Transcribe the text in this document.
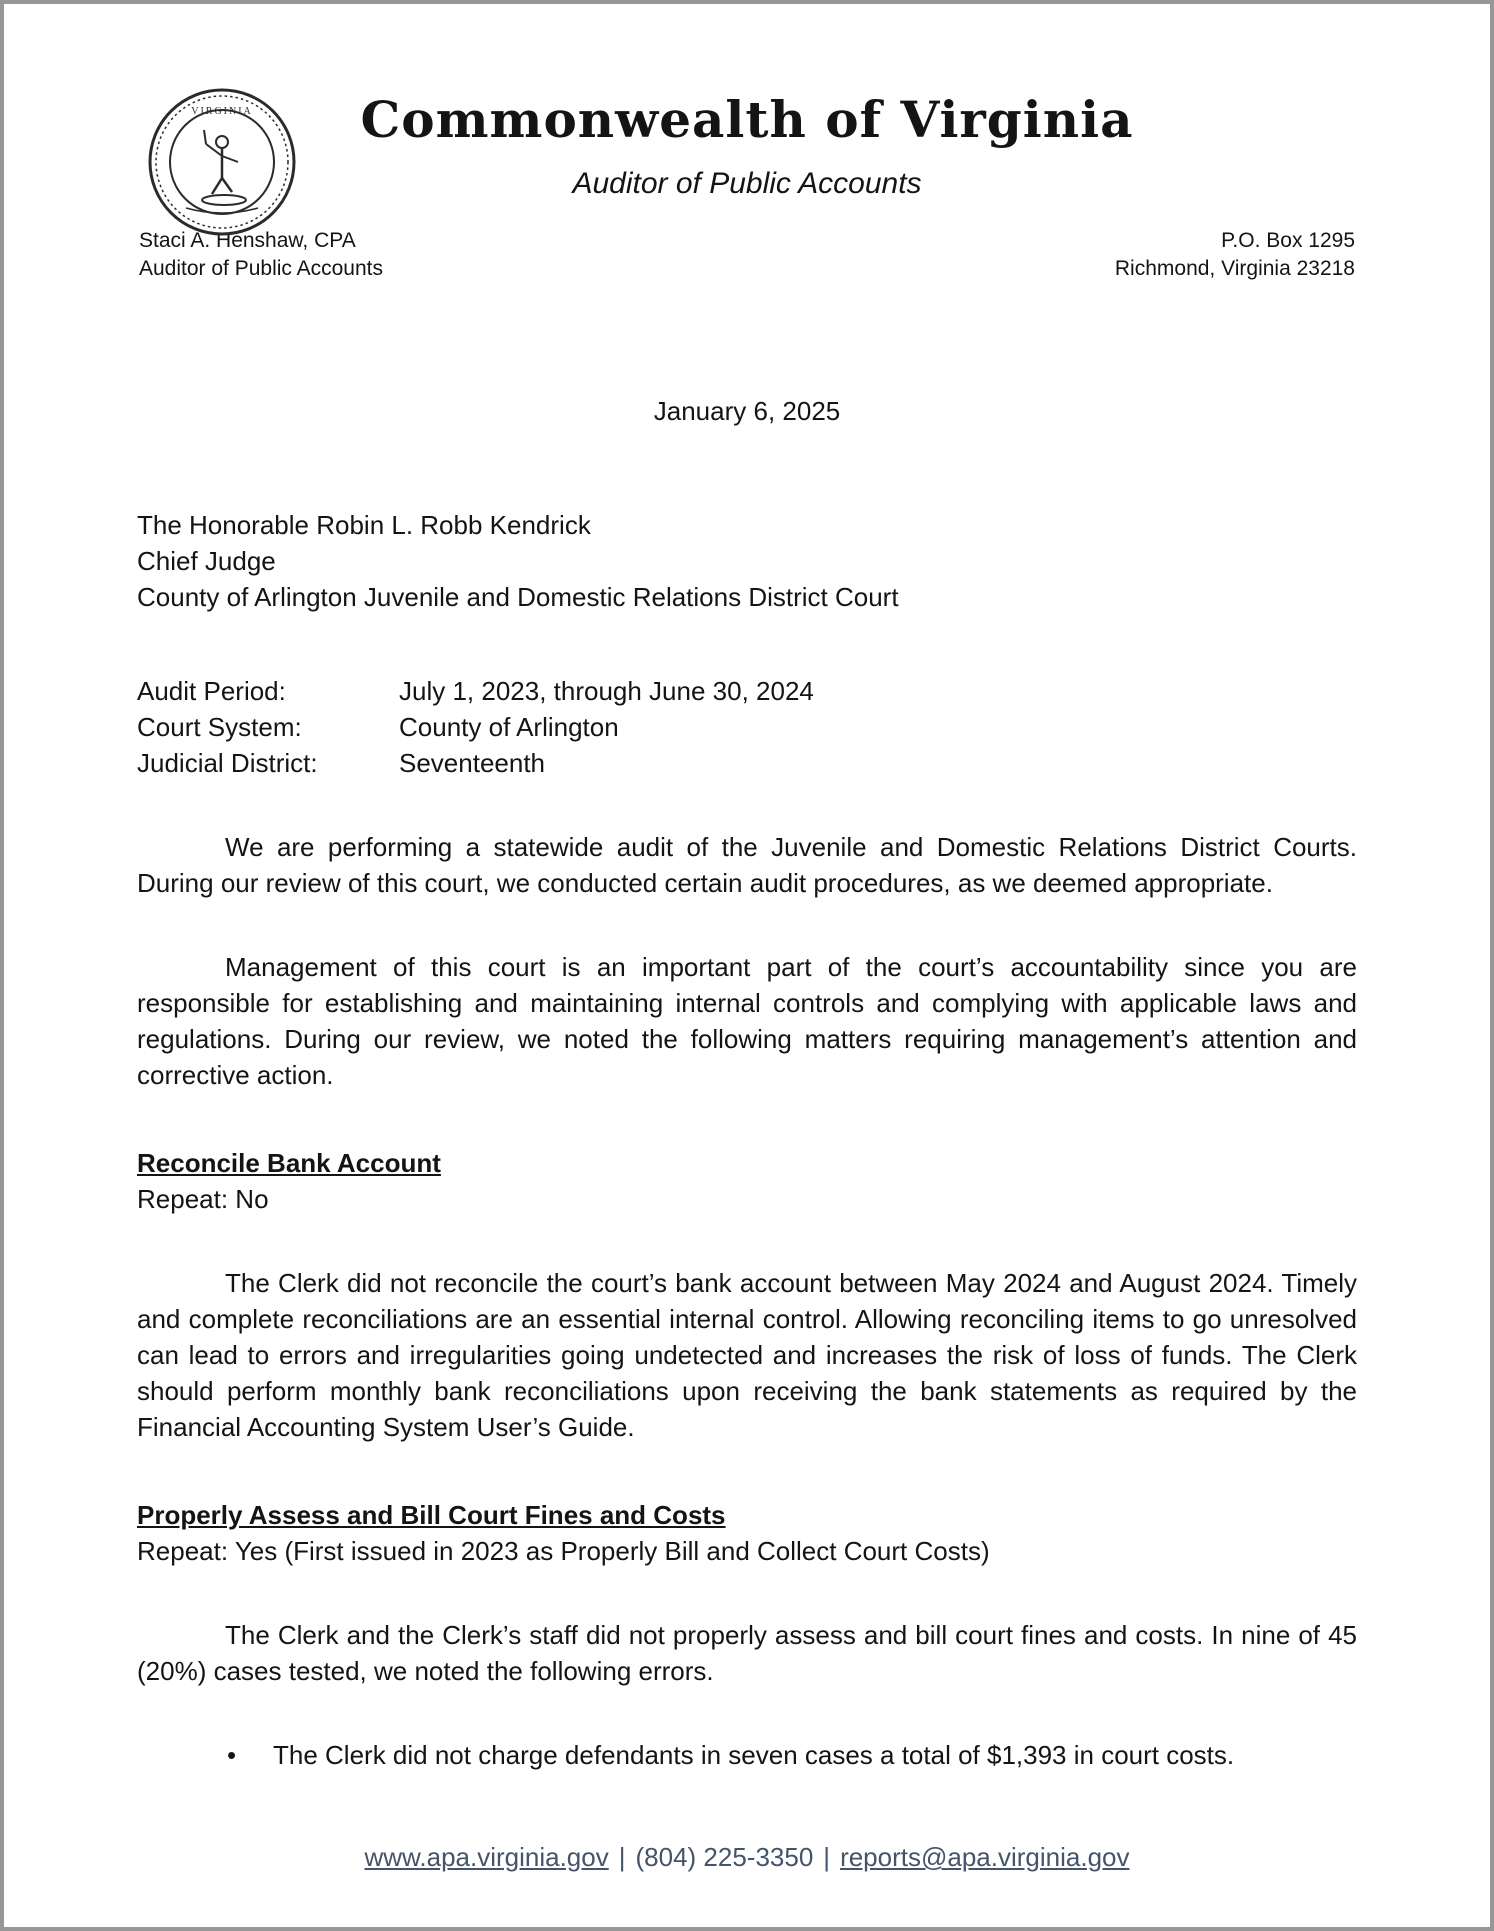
VIRGINIA	Commonwealth of Virginia
Auditor of Public Accounts
Staci A. Henshaw, CPA
Auditor of Public Accounts
P.O. Box 1295
Richmond, Virginia 23218
January 6, 2025
The Honorable Robin L. Robb Kendrick
Chief Judge
County of Arlington Juvenile and Domestic Relations District Court
Audit Period:	July 1, 2023, through June 30, 2024
Court System:	County of Arlington
Judicial District:	Seventeenth
We are performing a statewide audit of the Juvenile and Domestic Relations District Courts. During our review of this court, we conducted certain audit procedures, as we deemed appropriate.
Management of this court is an important part of the court’s accountability since you are responsible for establishing and maintaining internal controls and complying with applicable laws and regulations. During our review, we noted the following matters requiring management’s attention and corrective action.
Reconcile Bank Account
Repeat: No
The Clerk did not reconcile the court’s bank account between May 2024 and August 2024. Timely and complete reconciliations are an essential internal control. Allowing reconciling items to go unresolved can lead to errors and irregularities going undetected and increases the risk of loss of funds. The Clerk should perform monthly bank reconciliations upon receiving the bank statements as required by the Financial Accounting System User’s Guide.
Properly Assess and Bill Court Fines and Costs
Repeat: Yes (First issued in 2023 as Properly Bill and Collect Court Costs)
The Clerk and the Clerk’s staff did not properly assess and bill court fines and costs. In nine of 45 (20%) cases tested, we noted the following errors.
•	The Clerk did not charge defendants in seven cases a total of $1,393 in court costs.
www.apa.virginia.gov | (804) 225-3350 | reports@apa.virginia.gov
